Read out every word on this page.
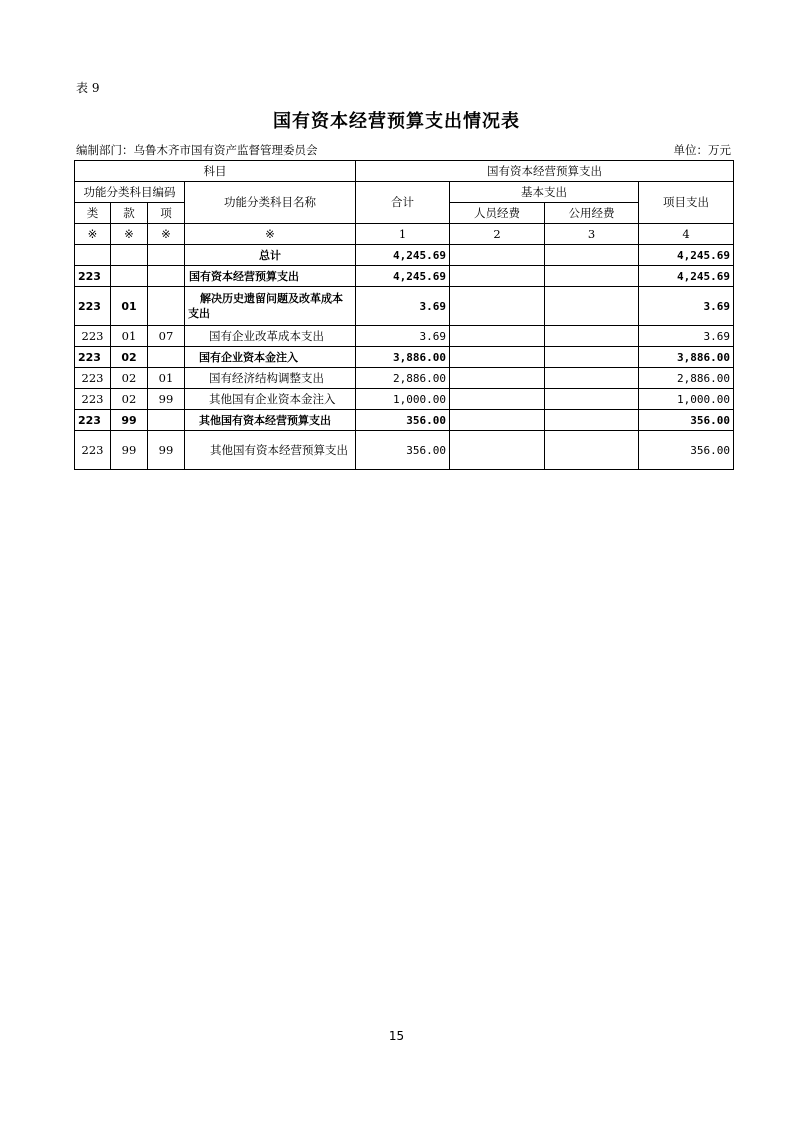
表 9
国有资本经营预算支出情况表
编制部门：乌鲁木齐市国有资产监督管理委员会	单位：万元
科目				国有资本经营预算支出			
功能分类科目编码			功能分类科目名称	合计	基本支出		项目支出
类	款	项			人员经费	公用经费	
※	※	※	※	1	2	3	4
			总计	4,245.69			4,245.69
223			国有资本经营预算支出	4,245.69			4,245.69
223	01		解决历史遗留问题及改革成本支出	3.69			3.69
223	01	07	国有企业改革成本支出	3.69			3.69
223	02		国有企业资本金注入	3,886.00			3,886.00
223	02	01	国有经济结构调整支出	2,886.00			2,886.00
223	02	99	其他国有企业资本金注入	1,000.00			1,000.00
223	99		其他国有资本经营预算支出	356.00			356.00
223	99	99	其他国有资本经营预算支出	356.00			356.00
15
